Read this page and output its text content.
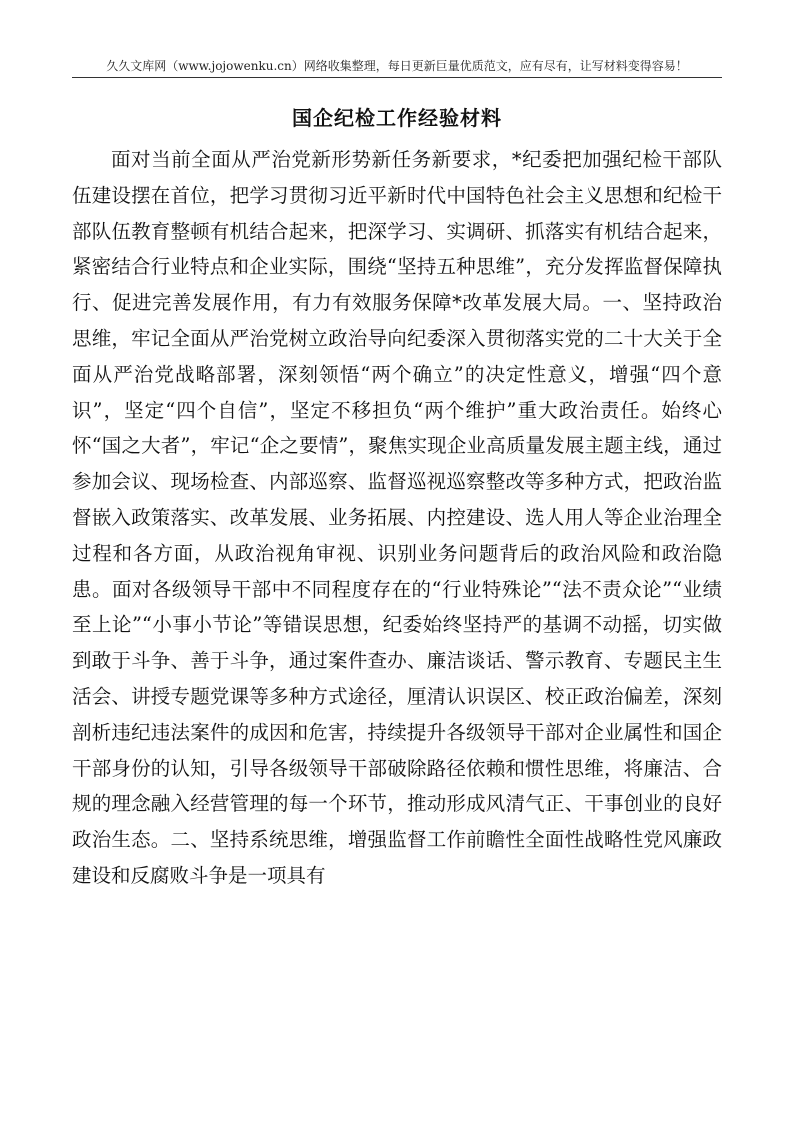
久久文库网（www.jojowenku.cn）网络收集整理，每日更新巨量优质范文，应有尽有，让写材料变得容易！
国企纪检工作经验材料

面对当前全面从严治党新形势新任务新要求，*纪委把加强纪检干部队伍建设摆在首位，把学习贯彻习近平新时代中国特色社会主义思想和纪检干部队伍教育整顿有机结合起来，把深学习、实调研、抓落实有机结合起来，紧密结合行业特点和企业实际，围绕“坚持五种思维”，充分发挥监督保障执行、促进完善发展作用，有力有效服务保障*改革发展大局。一、坚持政治思维，牢记全面从严治党树立政治导向纪委深入贯彻落实党的二十大关于全面从严治党战略部署，深刻领悟“两个确立”的决定性意义，增强“四个意识”，坚定“四个自信”，坚定不移担负“两个维护”重大政治责任。始终心怀“国之大者”，牢记“企之要情”，聚焦实现企业高质量发展主题主线，通过参加会议、现场检查、内部巡察、监督巡视巡察整改等多种方式，把政治监督嵌入政策落实、改革发展、业务拓展、内控建设、选人用人等企业治理全过程和各方面，从政治视角审视、识别业务问题背后的政治风险和政治隐患。面对各级领导干部中不同程度存在的“行业特殊论”“法不责众论”“业绩至上论”“小事小节论”等错误思想，纪委始终坚持严的基调不动摇，切实做到敢于斗争、善于斗争，通过案件查办、廉洁谈话、警示教育、专题民主生活会、讲授专题党课等多种方式途径，厘清认识误区、校正政治偏差，深刻剖析违纪违法案件的成因和危害，持续提升各级领导干部对企业属性和国企干部身份的认知，引导各级领导干部破除路径依赖和惯性思维，将廉洁、合规的理念融入经营管理的每一个环节，推动形成风清气正、干事创业的良好政治生态。二、坚持系统思维，增强监督工作前瞻性全面性战略性党风廉政建设和反腐败斗争是一项具有
